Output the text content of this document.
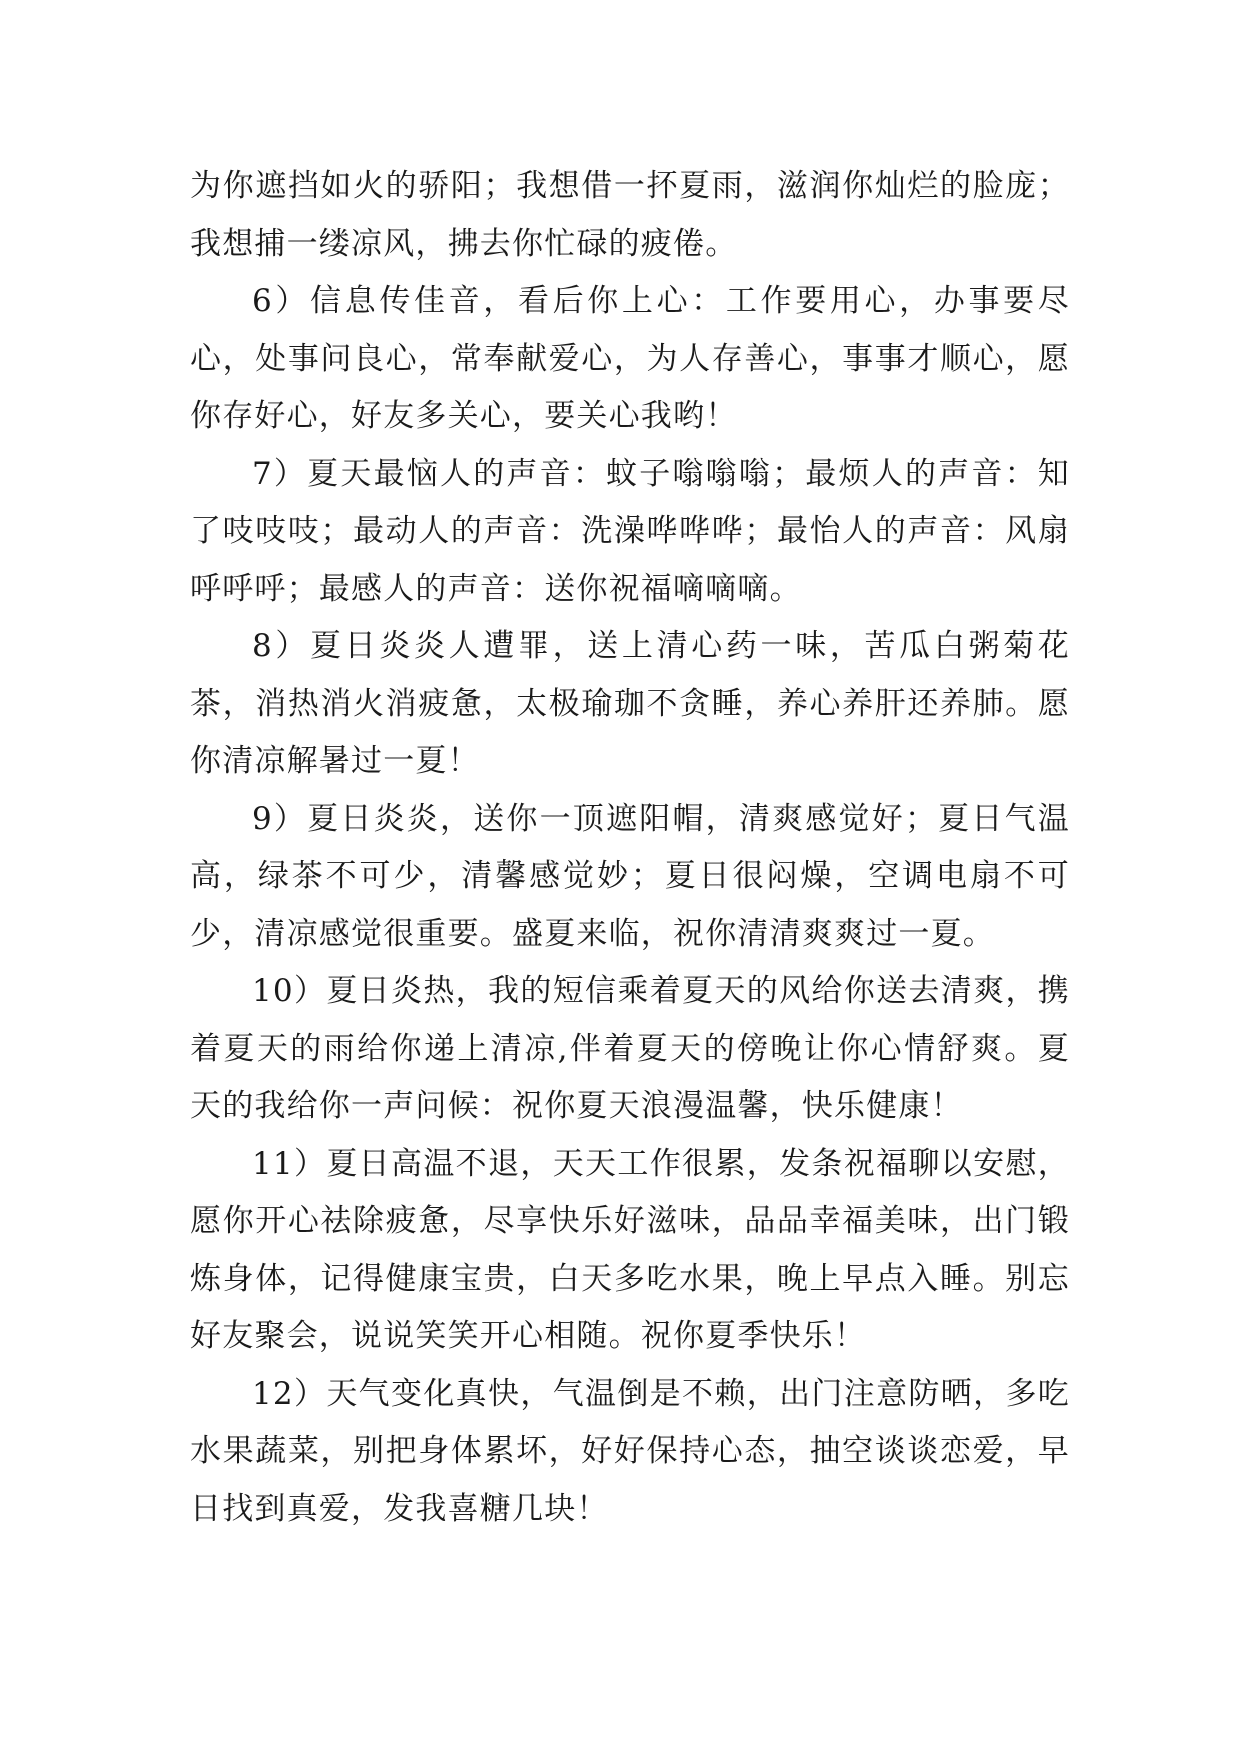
为你遮挡如火的骄阳；我想借一抔夏雨，滋润你灿烂的脸庞；我想捕一缕凉风，拂去你忙碌的疲倦。

6）信息传佳音，看后你上心：工作要用心，办事要尽心，处事问良心，常奉献爱心，为人存善心，事事才顺心，愿你存好心，好友多关心，要关心我哟！

7）夏天最恼人的声音：蚊子嗡嗡嗡；最烦人的声音：知了吱吱吱；最动人的声音：洗澡哗哗哗；最怡人的声音：风扇呼呼呼；最感人的声音：送你祝福嘀嘀嘀。

8）夏日炎炎人遭罪，送上清心药一味，苦瓜白粥菊花茶，消热消火消疲惫，太极瑜珈不贪睡，养心养肝还养肺。愿你清凉解暑过一夏！

9）夏日炎炎，送你一顶遮阳帽，清爽感觉好；夏日气温高，绿茶不可少，清馨感觉妙；夏日很闷燥，空调电扇不可少，清凉感觉很重要。盛夏来临，祝你清清爽爽过一夏。

10）夏日炎热，我的短信乘着夏天的风给你送去清爽，携着夏天的雨给你递上清凉,伴着夏天的傍晚让你心情舒爽。夏天的我给你一声问候：祝你夏天浪漫温馨，快乐健康！

11）夏日高温不退，天天工作很累，发条祝福聊以安慰，愿你开心祛除疲惫，尽享快乐好滋味，品品幸福美味，出门锻炼身体，记得健康宝贵，白天多吃水果，晚上早点入睡。别忘好友聚会，说说笑笑开心相随。祝你夏季快乐！

12）天气变化真快，气温倒是不赖，出门注意防晒，多吃水果蔬菜，别把身体累坏，好好保持心态，抽空谈谈恋爱，早日找到真爱，发我喜糖几块！
